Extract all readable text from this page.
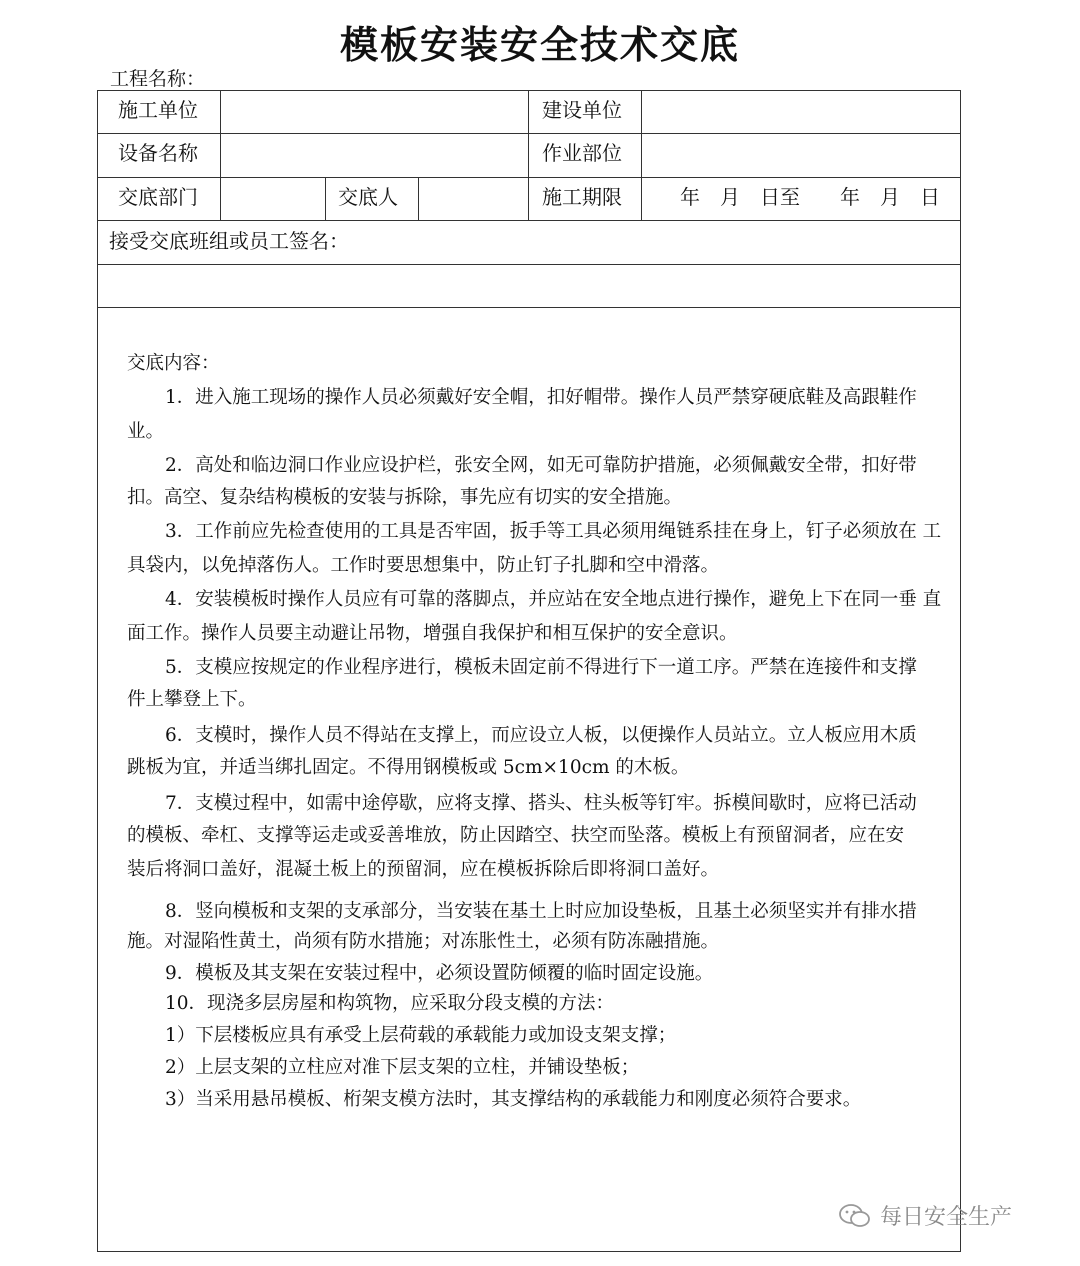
模板安装安全技术交底
工程名称：
施工单位	建设单位
设备名称	作业部位
交底部门	交底人	施工期限	年　月　日至　　年　月　日
接受交底班组或员工签名：
交底内容：
1．进入施工现场的操作人员必须戴好安全帽，扣好帽带。操作人员严禁穿硬底鞋及高跟鞋作
业。
2．高处和临边洞口作业应设护栏，张安全网，如无可靠防护措施，必须佩戴安全带，扣好带
扣。高空、复杂结构模板的安装与拆除，事先应有切实的安全措施。
3．工作前应先检查使用的工具是否牢固，扳手等工具必须用绳链系挂在身上，钉子必须放在 工
具袋内，以免掉落伤人。工作时要思想集中，防止钉子扎脚和空中滑落。
4．安装模板时操作人员应有可靠的落脚点，并应站在安全地点进行操作，避免上下在同一垂 直
面工作。操作人员要主动避让吊物，增强自我保护和相互保护的安全意识。
5．支模应按规定的作业程序进行，模板未固定前不得进行下一道工序。严禁在连接件和支撑
件上攀登上下。
6．支模时，操作人员不得站在支撑上，而应设立人板，以便操作人员站立。立人板应用木质
跳板为宜，并适当绑扎固定。不得用钢模板或 5cm×10cm 的木板。
7．支模过程中，如需中途停歇，应将支撑、搭头、柱头板等钉牢。拆模间歇时，应将已活动
的模板、牵杠、支撑等运走或妥善堆放，防止因踏空、扶空而坠落。模板上有预留洞者，应在安
装后将洞口盖好，混凝土板上的预留洞，应在模板拆除后即将洞口盖好。
8．竖向模板和支架的支承部分，当安装在基土上时应加设垫板，且基土必须坚实并有排水措
施。对湿陷性黄土，尚须有防水措施；对冻胀性土，必须有防冻融措施。
9．模板及其支架在安装过程中，必须设置防倾覆的临时固定设施。
10．现浇多层房屋和构筑物，应采取分段支模的方法：
1）下层楼板应具有承受上层荷载的承载能力或加设支架支撑；
2）上层支架的立柱应对准下层支架的立柱，并铺设垫板；
3）当采用悬吊模板、桁架支模方法时，其支撑结构的承载能力和刚度必须符合要求。
每日安全生产
